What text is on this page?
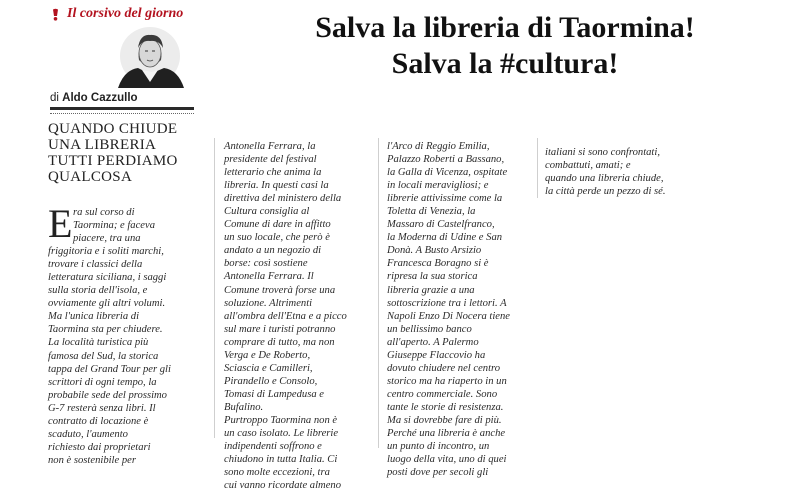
Il corsivo del giorno
di Aldo Cazzullo
Salva la libreria di Taormina!
Salva la #cultura!
QUANDO CHIUDE
UNA LIBRERIA
TUTTI PERDIAMO
QUALCOSA
E ra sul corso di
Taormina; e faceva
piacere, tra una
friggitoria e i soliti marchi,
trovare i classici della
letteratura siciliana, i saggi
sulla storia dell'isola, e
ovviamente gli altri volumi.
Ma l'unica libreria di
Taormina sta per chiudere.
La località turistica più
famosa del Sud, la storica
tappa del Grand Tour per gli
scrittori di ogni tempo, la
probabile sede del prossimo
G-7 resterà senza libri. Il
contratto di locazione è
scaduto, l'aumento
richiesto dai proprietari
non è sostenibile per
Antonella Ferrara, la
presidente del festival
letterario che anima la
libreria. In questi casi la
direttiva del ministero della
Cultura consiglia al
Comune di dare in affitto
un suo locale, che però è
andato a un negozio di
borse: così sostiene
Antonella Ferrara. Il
Comune troverà forse una
soluzione. Altrimenti
all'ombra dell'Etna e a picco
sul mare i turisti potranno
comprare di tutto, ma non
Verga e De Roberto,
Sciascia e Camilleri,
Pirandello e Consolo,
Tomasi di Lampedusa e
Bufalino.
Purtroppo Taormina non è
un caso isolato. Le librerie
indipendenti soffrono e
chiudono in tutta Italia. Ci
sono molte eccezioni, tra
cui vanno ricordate almeno
l'Arco di Reggio Emilia,
Palazzo Roberti a Bassano,
la Galla di Vicenza, ospitate
in locali meravigliosi; e
librerie attivissime come la
Toletta di Venezia, la
Massaro di Castelfranco,
la Moderna di Udine e San
Donà. A Busto Arsizio
Francesca Boragno si è
ripresa la sua storica
libreria grazie a una
sottoscrizione tra i lettori. A
Napoli Enzo Di Nocera tiene
un bellissimo banco
all'aperto. A Palermo
Giuseppe Flaccovio ha
dovuto chiudere nel centro
storico ma ha riaperto in un
centro commerciale. Sono
tante le storie di resistenza.
Ma si dovrebbe fare di più.
Perché una libreria è anche
un punto di incontro, un
luogo della vita, uno di quei
posti dove per secoli gli
italiani si sono confrontati,
combattuti, amati; e
quando una libreria chiude,
la città perde un pezzo di sé.
